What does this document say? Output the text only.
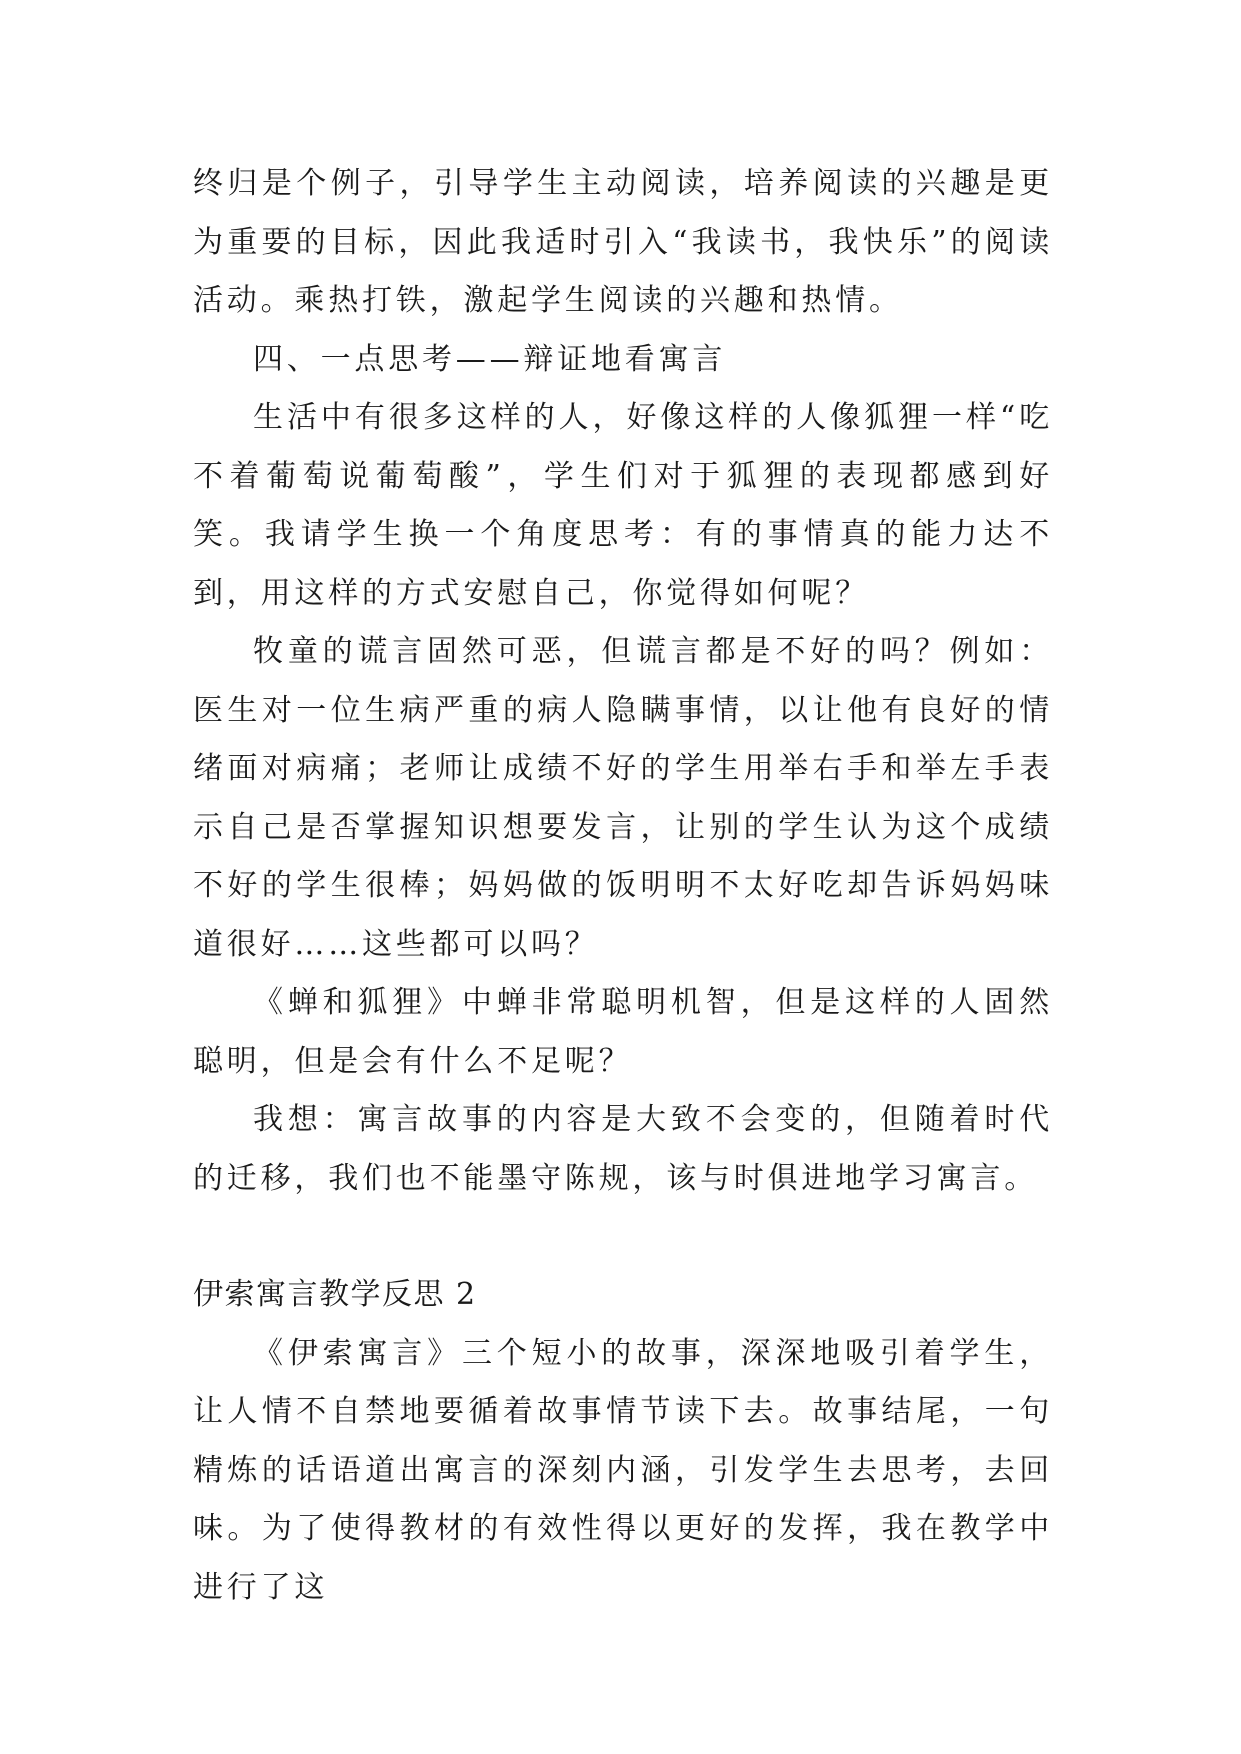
终归是个例子，引导学生主动阅读，培养阅读的兴趣是更为重要的目标，因此我适时引入“我读书，我快乐”的阅读活动。乘热打铁，激起学生阅读的兴趣和热情。

四、一点思考——辩证地看寓言

生活中有很多这样的人，好像这样的人像狐狸一样“吃不着葡萄说葡萄酸”，学生们对于狐狸的表现都感到好笑。我请学生换一个角度思考：有的事情真的能力达不到，用这样的方式安慰自己，你觉得如何呢？

牧童的谎言固然可恶，但谎言都是不好的吗？例如：医生对一位生病严重的病人隐瞒事情，以让他有良好的情绪面对病痛；老师让成绩不好的学生用举右手和举左手表示自己是否掌握知识想要发言，让别的学生认为这个成绩不好的学生很棒；妈妈做的饭明明不太好吃却告诉妈妈味道很好……这些都可以吗？

《蝉和狐狸》中蝉非常聪明机智，但是这样的人固然聪明，但是会有什么不足呢？

我想：寓言故事的内容是大致不会变的，但随着时代的迁移，我们也不能墨守陈规，该与时俱进地学习寓言。

伊索寓言教学反思 2

《伊索寓言》三个短小的故事，深深地吸引着学生，让人情不自禁地要循着故事情节读下去。故事结尾，一句精炼的话语道出寓言的深刻内涵，引发学生去思考，去回味。为了使得教材的有效性得以更好的发挥，我在教学中进行了这
